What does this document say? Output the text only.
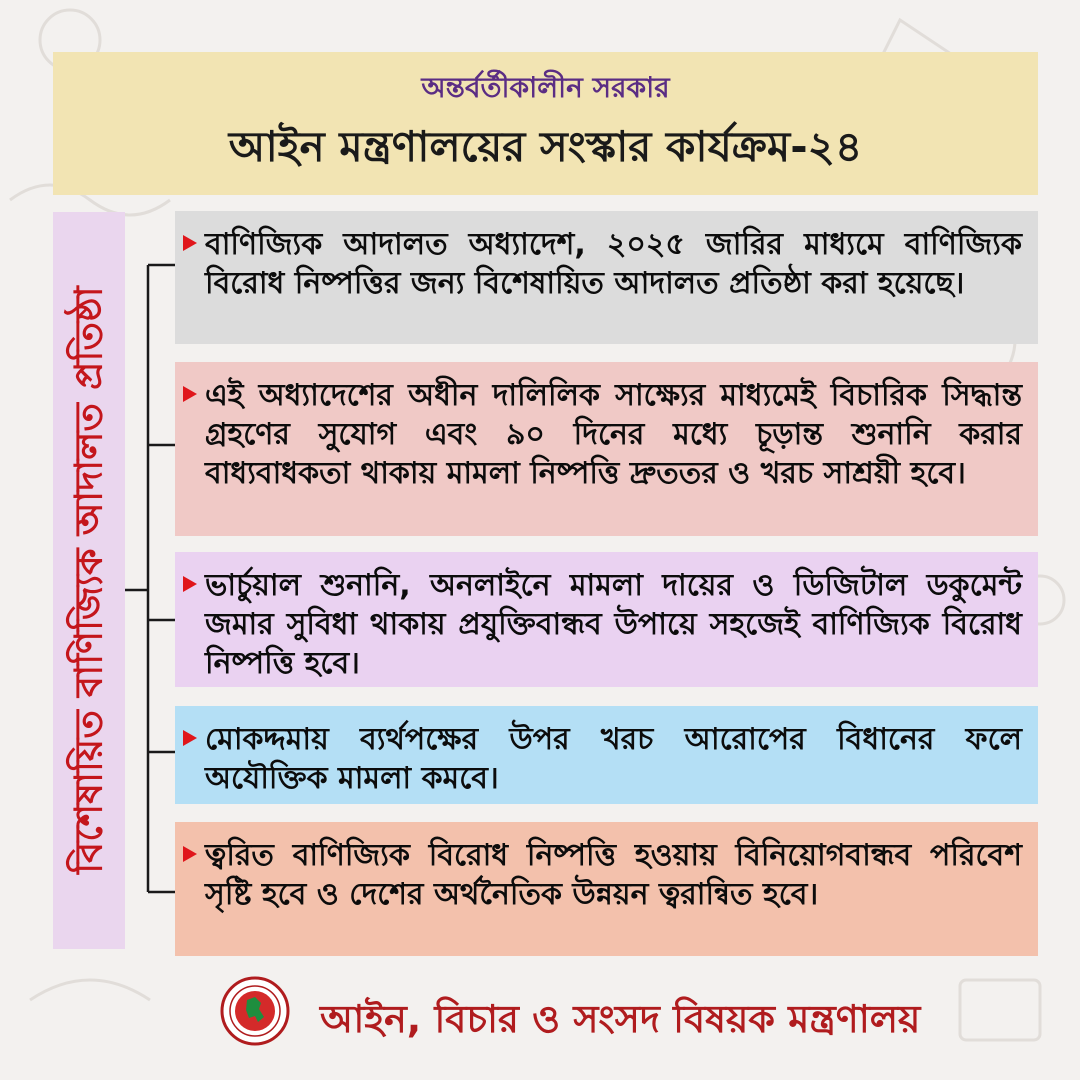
অন্তর্বর্তীকালীন সরকার
আইন মন্ত্রণালয়ের সংস্কার কার্যক্রম-২৪
বিশেষায়িত বাণিজ্যিক আদালত প্রতিষ্ঠা
বাণিজ্যিক আদালত অধ্যাদেশ, ২০২৫ জারির মাধ্যমে বাণিজ্যিক বিরোধ নিষ্পত্তির জন্য বিশেষায়িত আদালত প্রতিষ্ঠা করা হয়েছে।
এই অধ্যাদেশের অধীন দালিলিক সাক্ষ্যের মাধ্যমেই বিচারিক সিদ্ধান্ত গ্রহণের সুযোগ এবং ৯০ দিনের মধ্যে চূড়ান্ত শুনানি করার বাধ্যবাধকতা থাকায় মামলা নিষ্পত্তি দ্রুততর ও খরচ সাশ্রয়ী হবে।
ভার্চুয়াল শুনানি, অনলাইনে মামলা দায়ের ও ডিজিটাল ডকুমেন্ট জমার সুবিধা থাকায় প্রযুক্তিবান্ধব উপায়ে সহজেই বাণিজ্যিক বিরোধ নিষ্পত্তি হবে।
মোকদ্দমায় ব্যর্থপক্ষের উপর খরচ আরোপের বিধানের ফলে অযৌক্তিক মামলা কমবে।
ত্বরিত বাণিজ্যিক বিরোধ নিষ্পত্তি হওয়ায় বিনিয়োগবান্ধব পরিবেশ সৃষ্টি হবে ও দেশের অর্থনৈতিক উন্নয়ন ত্বরান্বিত হবে।
আইন, বিচার ও সংসদ বিষয়ক মন্ত্রণালয়
